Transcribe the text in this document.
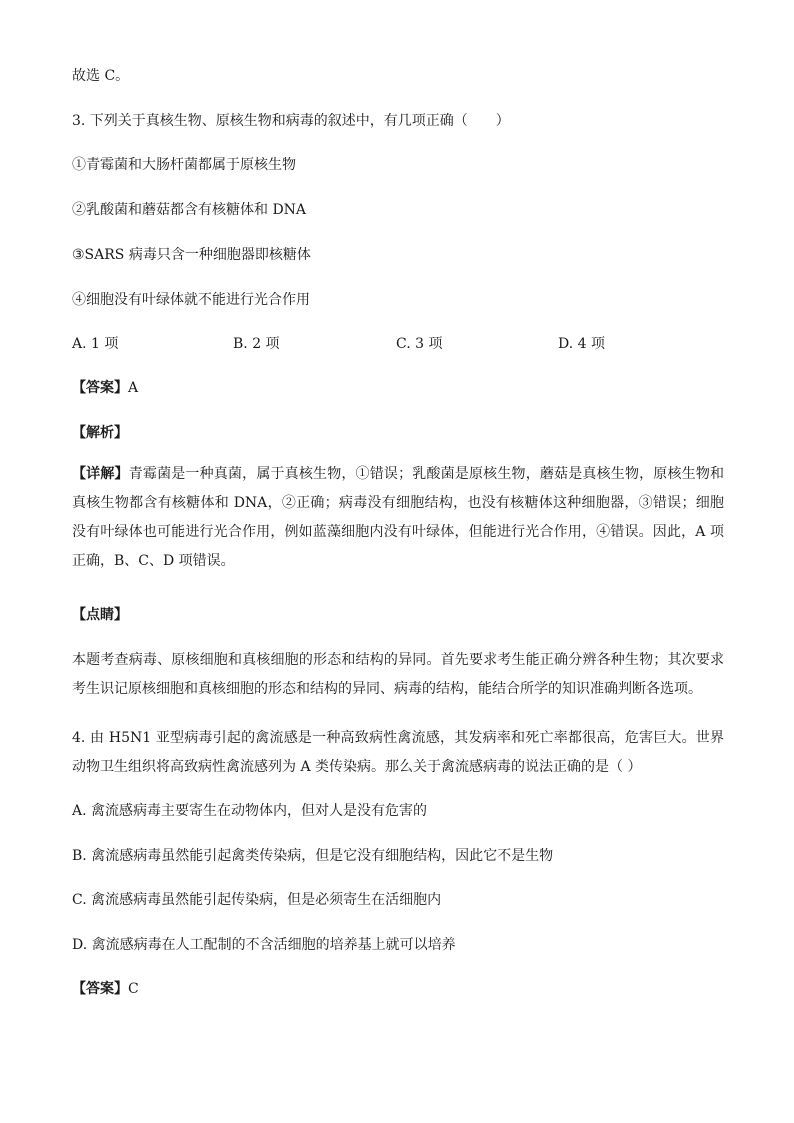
故选 C。
3. 下列关于真核生物、原核生物和病毒的叙述中，有几项正确（　　）
①青霉菌和大肠杆菌都属于原核生物
②乳酸菌和蘑菇都含有核糖体和 DNA
③SARS 病毒只含一种细胞器即核糖体
④细胞没有叶绿体就不能进行光合作用
A. 1 项	B. 2 项	C. 3 项	D. 4 项
【答案】A
【解析】
【详解】青霉菌是一种真菌，属于真核生物，①错误；乳酸菌是原核生物，蘑菇是真核生物，原核生物和真核生物都含有核糖体和 DNA，②正确；病毒没有细胞结构，也没有核糖体这种细胞器，③错误；细胞没有叶绿体也可能进行光合作用，例如蓝藻细胞内没有叶绿体，但能进行光合作用，④错误。因此，A 项正确，B、C、D 项错误。
【点睛】
本题考查病毒、原核细胞和真核细胞的形态和结构的异同。首先要求考生能正确分辨各种生物；其次要求考生识记原核细胞和真核细胞的形态和结构的异同、病毒的结构，能结合所学的知识准确判断各选项。
4. 由 H5N1 亚型病毒引起的禽流感是一种高致病性禽流感，其发病率和死亡率都很高，危害巨大。世界动物卫生组织将高致病性禽流感列为 A 类传染病。那么关于禽流感病毒的说法正确的是（ ）
A. 禽流感病毒主要寄生在动物体内，但对人是没有危害的
B. 禽流感病毒虽然能引起禽类传染病，但是它没有细胞结构，因此它不是生物
C. 禽流感病毒虽然能引起传染病，但是必须寄生在活细胞内
D. 禽流感病毒在人工配制的不含活细胞的培养基上就可以培养
【答案】C
